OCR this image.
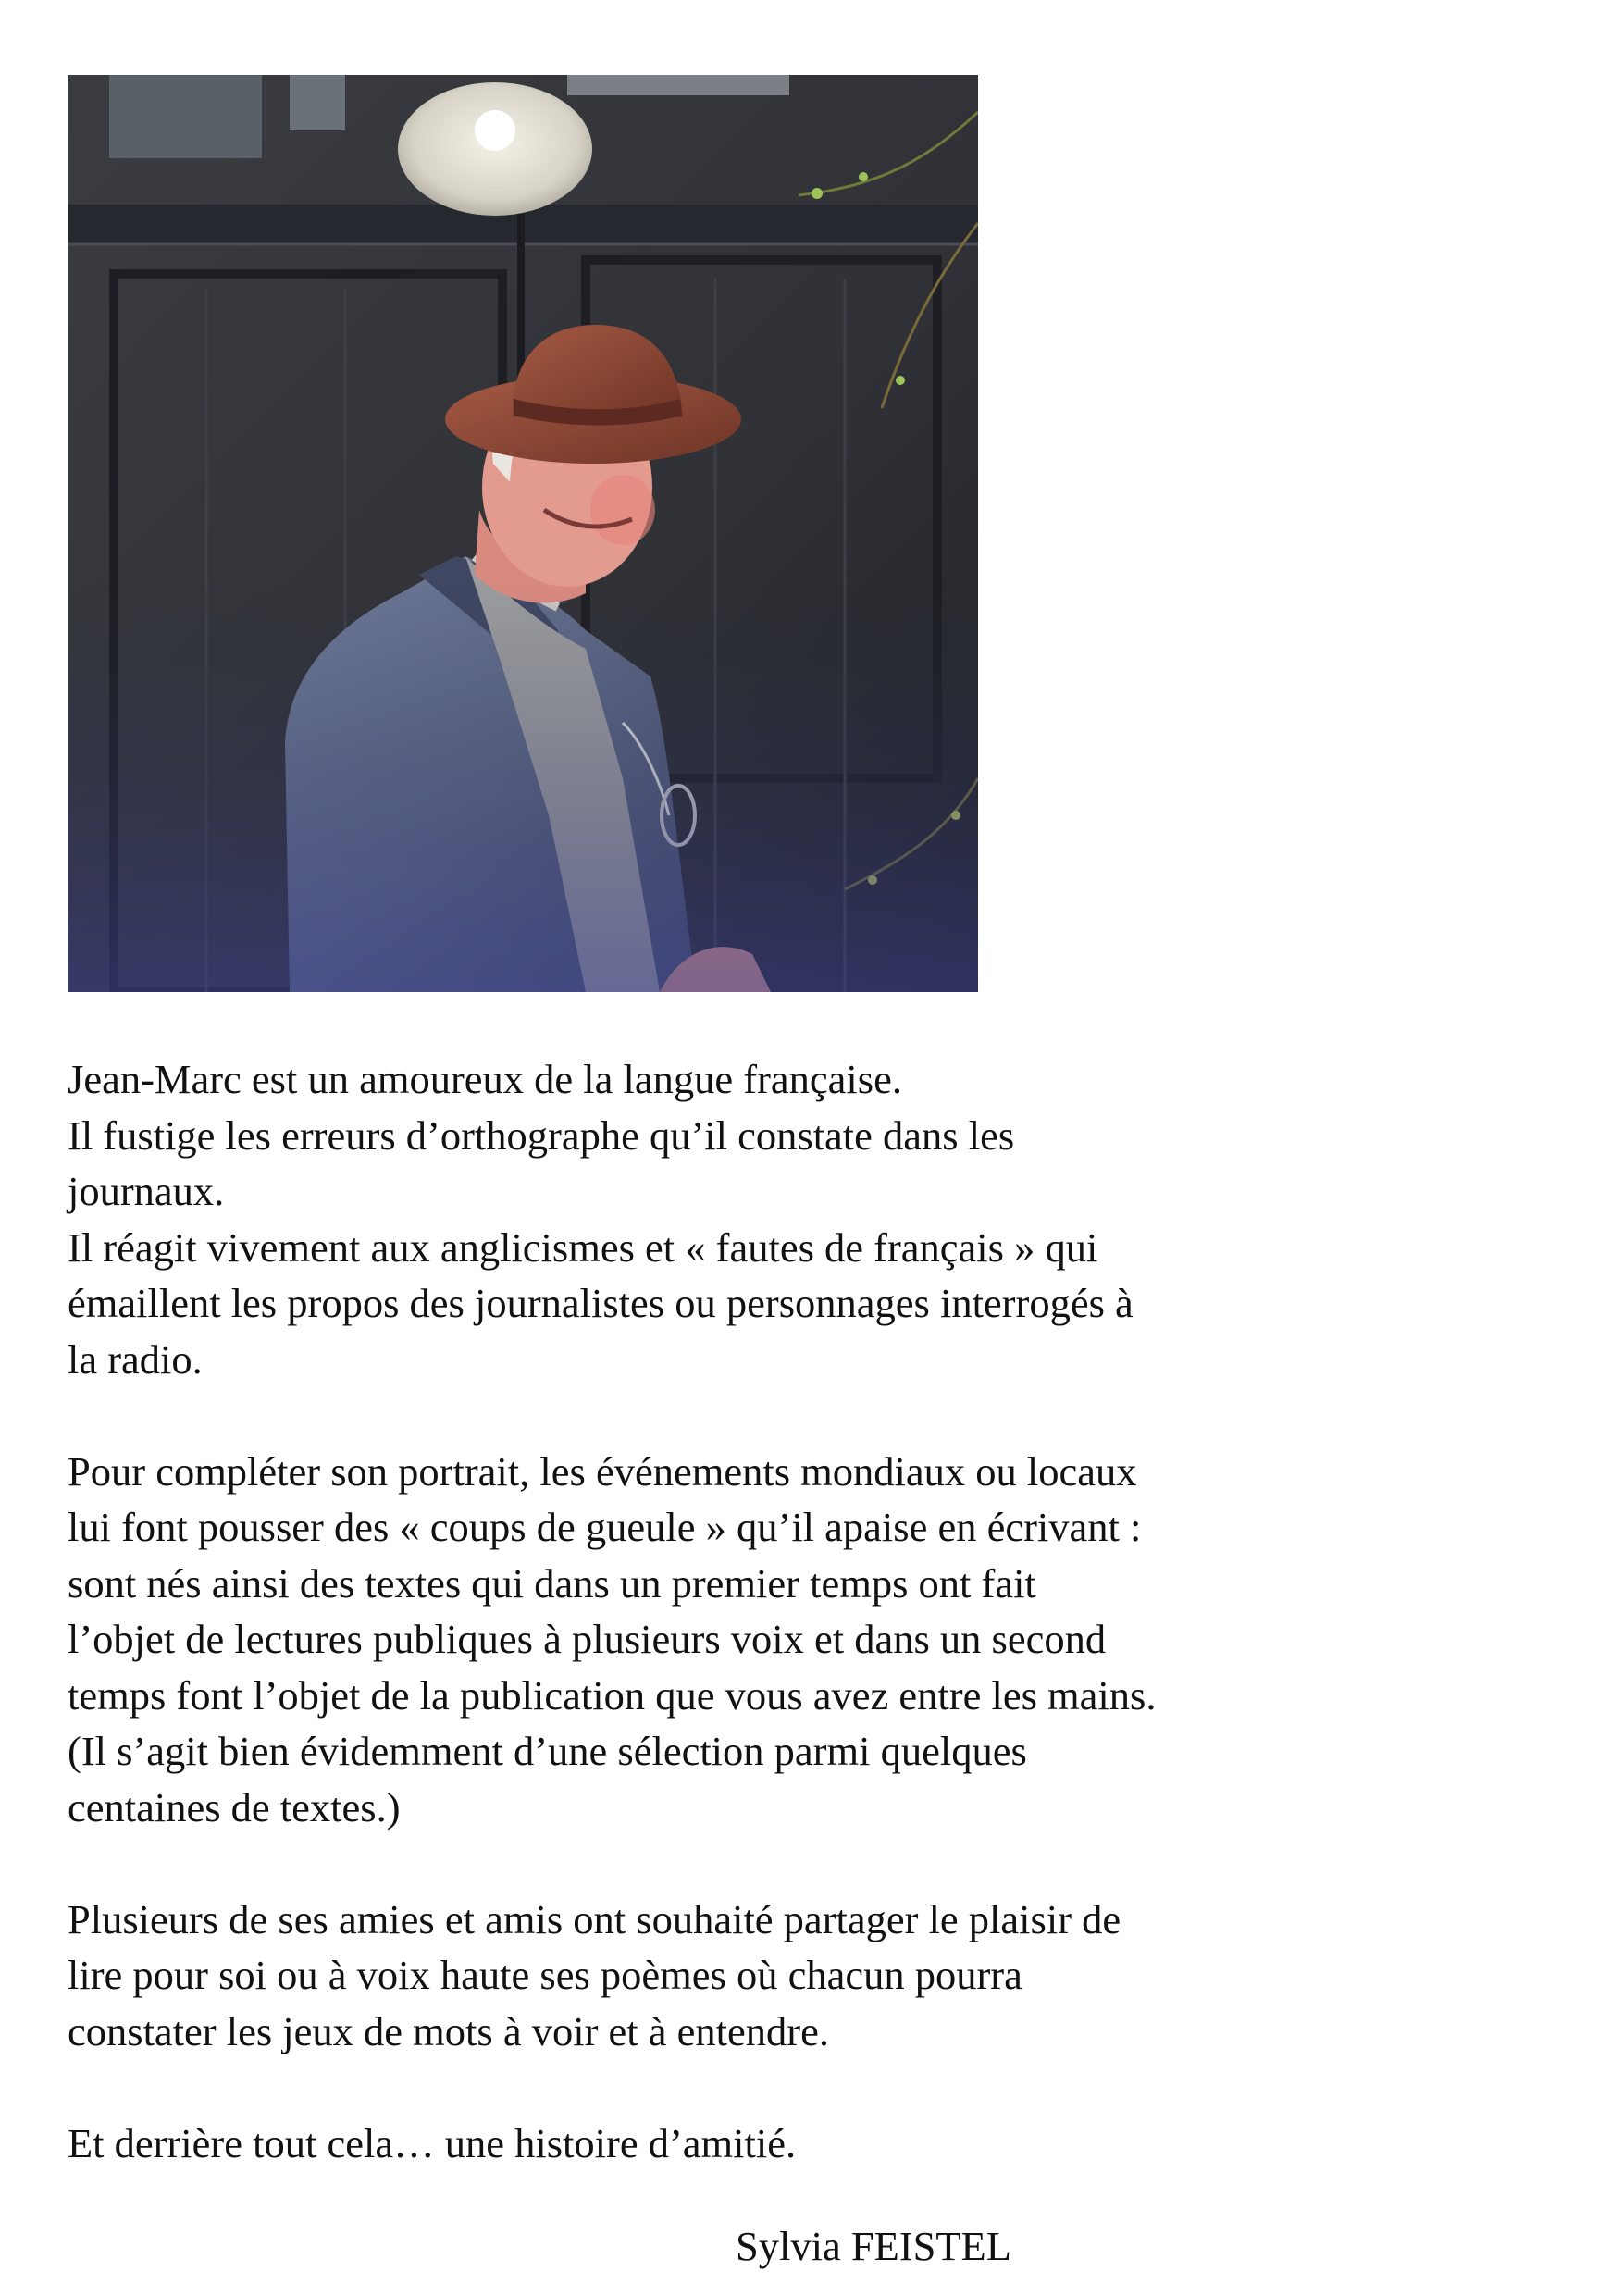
Jean-Marc est un amoureux de la langue française.
Il fustige les erreurs d’orthographe qu’il constate dans les
journaux.
Il réagit vivement aux anglicismes et « fautes de français » qui
émaillent les propos des journalistes ou personnages interrogés à
la radio.

Pour compléter son portrait, les événements mondiaux ou locaux
lui font pousser des « coups de gueule » qu’il apaise en écrivant :
sont nés ainsi des textes qui dans un premier temps ont fait
l’objet de lectures publiques à plusieurs voix et dans un second
temps font l’objet de la publication que vous avez entre les mains.
(Il s’agit bien évidemment d’une sélection parmi quelques
centaines de textes.)

Plusieurs de ses amies et amis ont souhaité partager le plaisir de
lire pour soi ou à voix haute ses poèmes où chacun pourra
constater les jeux de mots à voir et à entendre.

Et derrière tout cela… une histoire d’amitié.

Sylvia FEISTEL
